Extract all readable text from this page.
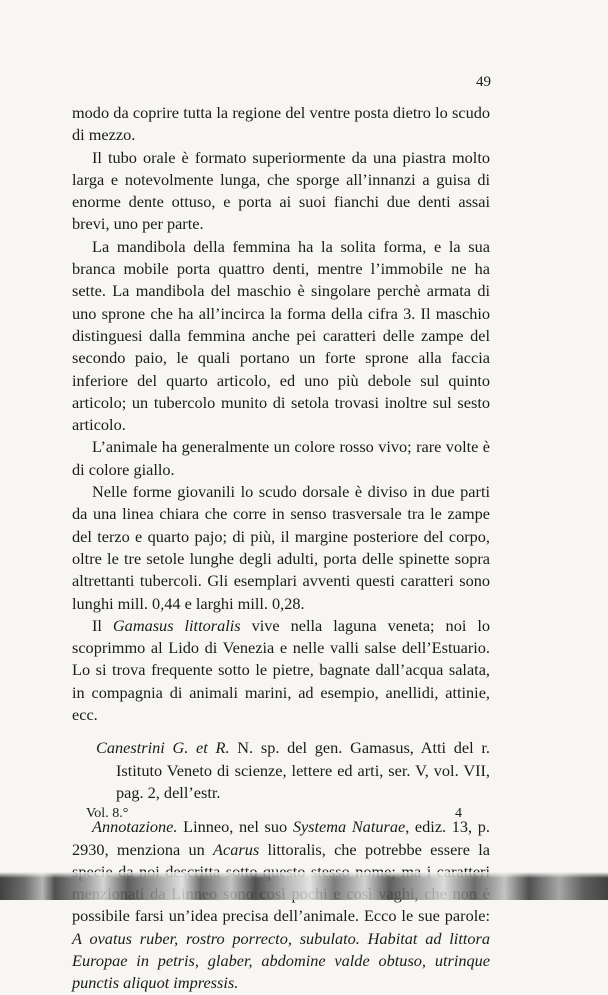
49

modo da coprire tutta la regione del ventre posta dietro lo scudo di mezzo.

Il tubo orale è formato superiormente da una piastra molto larga e notevolmente lunga, che sporge all’innanzi a guisa di enorme dente ottuso, e porta ai suoi fianchi due denti assai brevi, uno per parte.

La mandibola della femmina ha la solita forma, e la sua branca mobile porta quattro denti, mentre l’immobile ne ha sette. La mandibola del maschio è singolare perchè armata di uno sprone che ha all’incirca la forma della cifra 3. Il maschio distinguesi dalla femmina anche pei caratteri delle zampe del secondo paio, le quali portano un forte sprone alla faccia inferiore del quarto articolo, ed uno più debole sul quinto articolo; un tubercolo munito di setola trovasi inoltre sul sesto articolo.

L’animale ha generalmente un colore rosso vivo; rare volte è di colore giallo.

Nelle forme giovanili lo scudo dorsale è diviso in due parti da una linea chiara che corre in senso trasversale tra le zampe del terzo e quarto pajo; di più, il margine posteriore del corpo, oltre le tre setole lunghe degli adulti, porta delle spinette sopra altrettanti tubercoli. Gli esemplari avventi questi caratteri sono lunghi mill. 0,44 e larghi mill. 0,28.

Il Gamasus littoralis vive nella laguna veneta; noi lo scoprimmo al Lido di Venezia e nelle valli salse dell’Estuario. Lo si trova frequente sotto le pietre, bagnate dall’acqua salata, in compagnia di animali marini, ad esempio, anellidi, attinie, ecc.

Canestrini G. et R. N. sp. del gen. Gamasus, Atti del r. Istituto Veneto di scienze, lettere ed arti, ser. V, vol. VII, pag. 2, dell’estr.

Annotazione. Linneo, nel suo Systema Naturae, ediz. 13, p. 2930, menziona un Acarus littoralis, che potrebbe essere la possibile farsi un’idea precisa dell’animale. Ecco le sue parole: A ovatus ruber, rostro porrecto, subulato. Habitat ad littora Europae in petris, glaber, abdomine valde obtuso, utrinque punctis aliquot impressis.

Vol. 8.°	4
